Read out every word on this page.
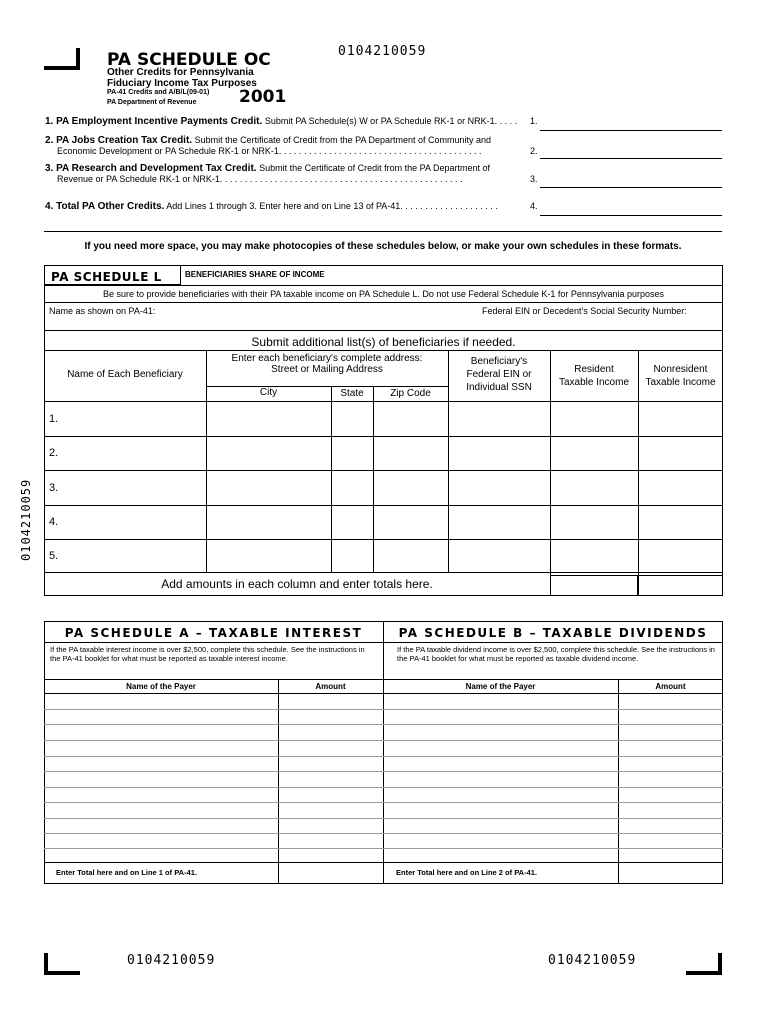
0104210059
PA SCHEDULE OC
Other Credits for Pennsylvania
Fiduciary Income Tax Purposes
PA-41 Credits and A/B/L(09-01)
PA Department of Revenue	2001
1. PA Employment Incentive Payments Credit. Submit PA Schedule(s) W or PA Schedule RK-1 or NRK-1. . . . . 1.
2. PA Jobs Creation Tax Credit. Submit the Certificate of Credit from the PA Department of Community and
Economic Development or PA Schedule RK-1 or NRK-1. . . . . . . . . . . . . . . . . . . . . . . . . . . . . . . . . . . . . . . . .	2.
3. PA Research and Development Tax Credit. Submit the Certificate of Credit from the PA Department of
Revenue or PA Schedule RK-1 or NRK-1. . . . . . . . . . . . . . . . . . . . . . . . . . . . . . . . . . . . . . . . . . . . . . . . .	3.
4. Total PA Other Credits. Add Lines 1 through 3. Enter here and on Line 13 of PA-41. . . . . . . . . . . . . . . . . . . .	4.
If you need more space, you may make photocopies of these schedules below, or make your own schedules in these formats.
PA SCHEDULE L	BENEFICIARIES SHARE OF INCOME
Be sure to provide beneficiaries with their PA taxable income on PA Schedule L. Do not use Federal Schedule K-1 for Pennsylvania purposes
Name as shown on PA-41:	Federal EIN or Decedent's Social Security Number:
Submit additional list(s) of beneficiaries if needed.
Name of Each Beneficiary
Enter each beneficiary's complete address:
Street or Mailing Address
City	State	Zip Code
Beneficiary's
Federal EIN or
Individual SSN
Resident
Taxable Income
Nonresident
Taxable Income
1.
2.
3.
4.
5.
Add amounts in each column and enter totals here.
0104210059
PA SCHEDULE A – TAXABLE INTEREST
If the PA taxable interest income is over $2,500, complete this schedule. See the instructions in the PA-41 booklet for what must be reported as taxable interest income.
Name of the Payer	Amount
PA SCHEDULE B – TAXABLE DIVIDENDS
If the PA taxable dividend income is over $2,500, complete this schedule. See the instructions in the PA-41 booklet for what must be reported as taxable dividend income.
Name of the Payer	Amount
Enter Total here and on Line 1 of PA-41.	Enter Total here and on Line 2 of PA-41.
0104210059	0104210059
